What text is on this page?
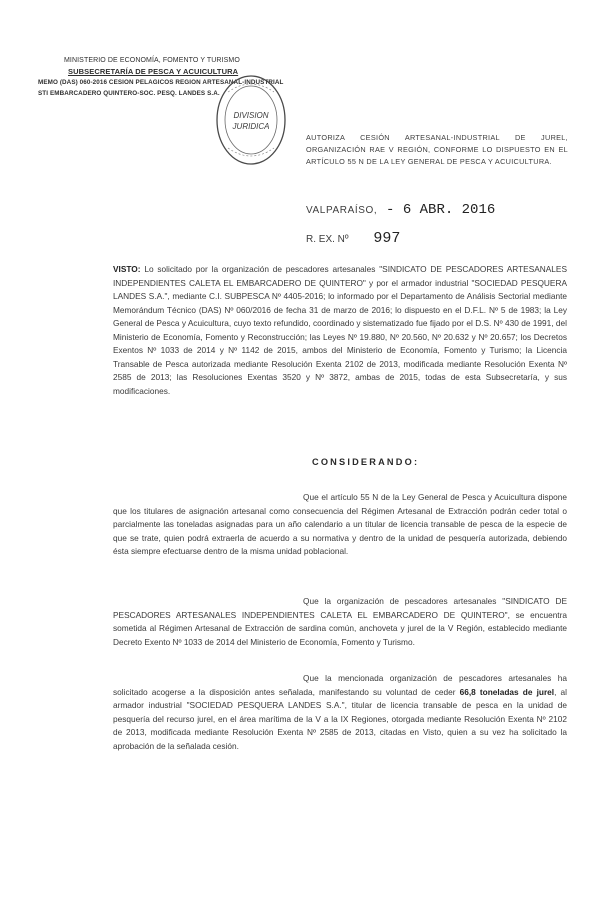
MINISTERIO DE ECONOMÍA, FOMENTO Y TURISMO
SUBSECRETARÍA DE PESCA Y ACUICULTURA
MEMO (DAS) 060-2016 CESION PELAGICOS REGION ARTESANAL-INDUSTRIAL
STI EMBARCADERO QUINTERO-SOC. PESQ. LANDES S.A.
DIVISION
JURIDICA
AUTORIZA CESIÓN ARTESANAL-INDUSTRIAL DE JUREL, ORGANIZACIÓN RAE V REGIÓN, CONFORME LO DISPUESTO EN EL ARTÍCULO 55 N DE LA LEY GENERAL DE PESCA Y ACUICULTURA.
VALPARAÍSO, - 6 ABR. 2016
R. EX. Nº 997
VISTO: Lo solicitado por la organización de pescadores artesanales "SINDICATO DE PESCADORES ARTESANALES INDEPENDIENTES CALETA EL EMBARCADERO DE QUINTERO" y por el armador industrial "SOCIEDAD PESQUERA LANDES S.A.", mediante C.I. SUBPESCA Nº 4405-2016; lo informado por el Departamento de Análisis Sectorial mediante Memorándum Técnico (DAS) Nº 060/2016 de fecha 31 de marzo de 2016; lo dispuesto en el D.F.L. Nº 5 de 1983; la Ley General de Pesca y Acuicultura, cuyo texto refundido, coordinado y sistematizado fue fijado por el D.S. Nº 430 de 1991, del Ministerio de Economía, Fomento y Reconstrucción; las Leyes Nº 19.880, Nº 20.560, Nº 20.632 y Nº 20.657; los Decretos Exentos Nº 1033 de 2014 y Nº 1142 de 2015, ambos del Ministerio de Economía, Fomento y Turismo; la Licencia Transable de Pesca autorizada mediante Resolución Exenta 2102 de 2013, modificada mediante Resolución Exenta Nº 2585 de 2013; las Resoluciones Exentas 3520 y Nº 3872, ambas de 2015, todas de esta Subsecretaría, y sus modificaciones.
CONSIDERANDO:
Que el artículo 55 N de la Ley General de Pesca y Acuicultura dispone que los titulares de asignación artesanal como consecuencia del Régimen Artesanal de Extracción podrán ceder total o parcialmente las toneladas asignadas para un año calendario a un titular de licencia transable de pesca de la especie de que se trate, quien podrá extraerla de acuerdo a su normativa y dentro de la unidad de pesquería autorizada, debiendo ésta siempre efectuarse dentro de la misma unidad poblacional.
Que la organización de pescadores artesanales "SINDICATO DE PESCADORES ARTESANALES INDEPENDIENTES CALETA EL EMBARCADERO DE QUINTERO", se encuentra sometida al Régimen Artesanal de Extracción de sardina común, anchoveta y jurel de la V Región, establecido mediante Decreto Exento Nº 1033 de 2014 del Ministerio de Economía, Fomento y Turismo.
Que la mencionada organización de pescadores artesanales ha solicitado acogerse a la disposición antes señalada, manifestando su voluntad de ceder 66,8 toneladas de jurel, al armador industrial "SOCIEDAD PESQUERA LANDES S.A.", titular de licencia transable de pesca en la unidad de pesquería del recurso jurel, en el área marítima de la V a la IX Regiones, otorgada mediante Resolución Exenta Nº 2102 de 2013, modificada mediante Resolución Exenta Nº 2585 de 2013, citadas en Visto, quien a su vez ha solicitado la aprobación de la señalada cesión.
